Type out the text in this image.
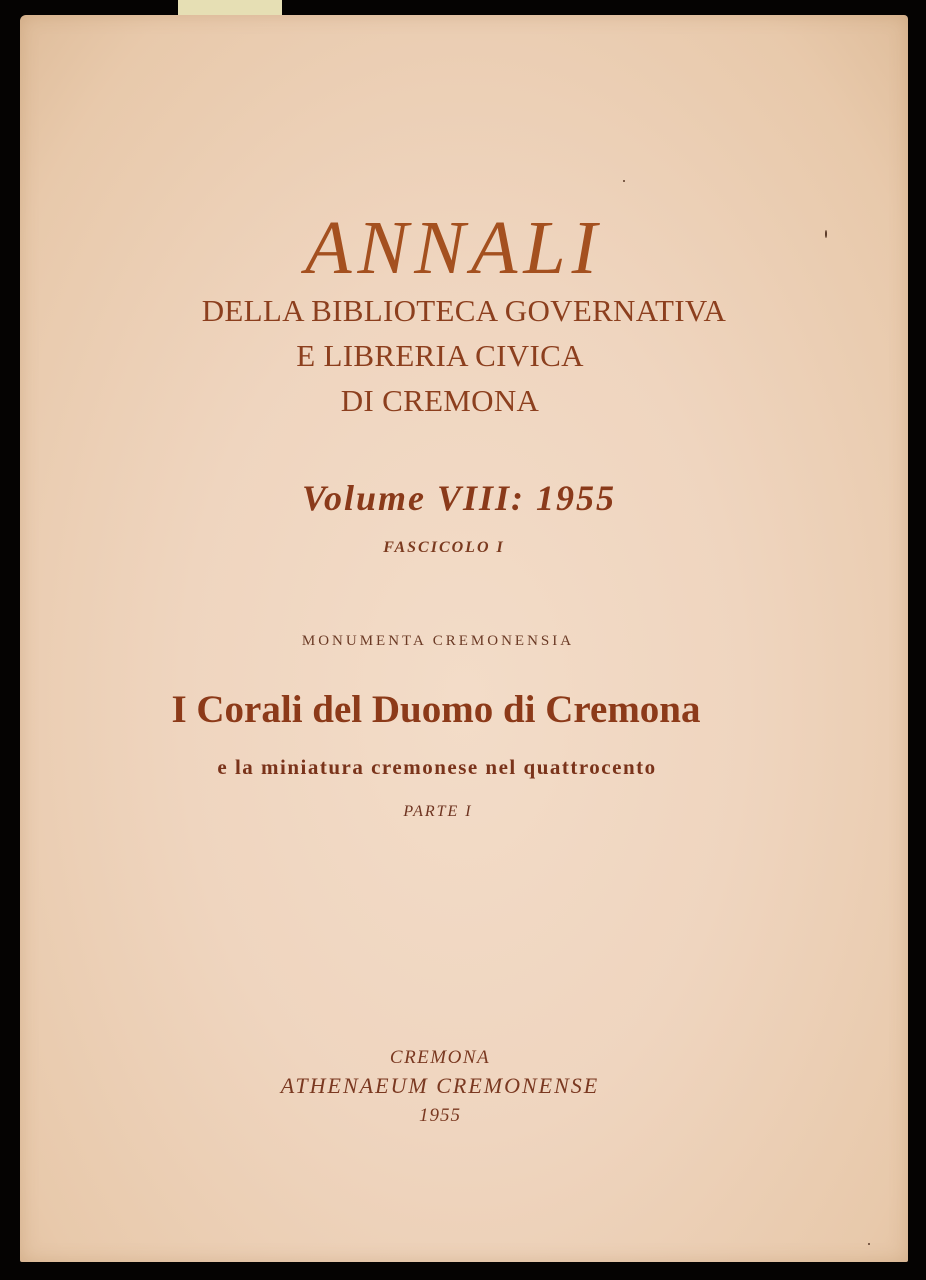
ANNALI
DELLA BIBLIOTECA GOVERNATIVA
E LIBRERIA CIVICA
DI CREMONA
Volume VIII: 1955
FASCICOLO I
MONUMENTA CREMONENSIA
I Corali del Duomo di Cremona
e la miniatura cremonese nel quattrocento
PARTE I
CREMONA
ATHENAEUM CREMONENSE
1955
